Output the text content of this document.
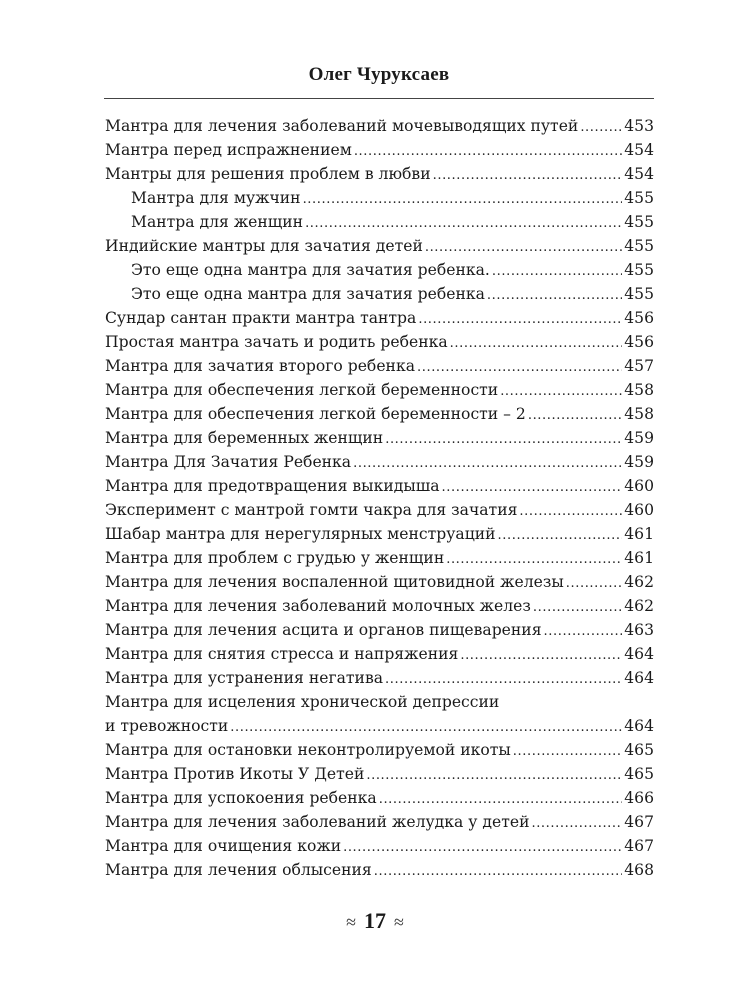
Олег Чуруксаев
Мантра для лечения заболеваний мочевыводящих путей .....	453
Мантра перед испражнением .....	454
Мантры для решения проблем в любви .....	454
Мантра для мужчин .....	455
Мантра для женщин .....	455
Индийские мантры для зачатия детей .....	455
Это еще одна мантра для зачатия ребенка. .....	455
Это еще одна мантра для зачатия ребенка .....	455
Сундар сантан практи мантра тантра .....	456
Простая мантра зачать и родить ребенка .....	456
Мантра для зачатия второго ребенка .....	457
Мантра для обеспечения легкой беременности .....	458
Мантра для обеспечения легкой беременности – 2 .....	458
Мантра для беременных женщин .....	459
Мантра Для Зачатия Ребенка .....	459
Мантра для предотвращения выкидыша .....	460
Эксперимент с мантрой гомти чакра для зачатия .....	460
Шабар мантра для нерегулярных менструаций .....	461
Мантра для проблем с грудью у женщин .....	461
Мантра для лечения воспаленной щитовидной железы .....	462
Мантра для лечения заболеваний молочных желез .....	462
Мантра для лечения асцита и органов пищеварения .....	463
Мантра для снятия стресса и напряжения .....	464
Мантра для устранения негатива .....	464
Мантра для исцеления хронической депрессии
и тревожности .....	464
Мантра для остановки неконтролируемой икоты .....	465
Мантра Против Икоты У Детей .....	465
Мантра для успокоения ребенка .....	466
Мантра для лечения заболеваний желудка у детей .....	467
Мантра для очищения кожи .....	467
Мантра для лечения облысения .....	468
≈ 17 ≈
